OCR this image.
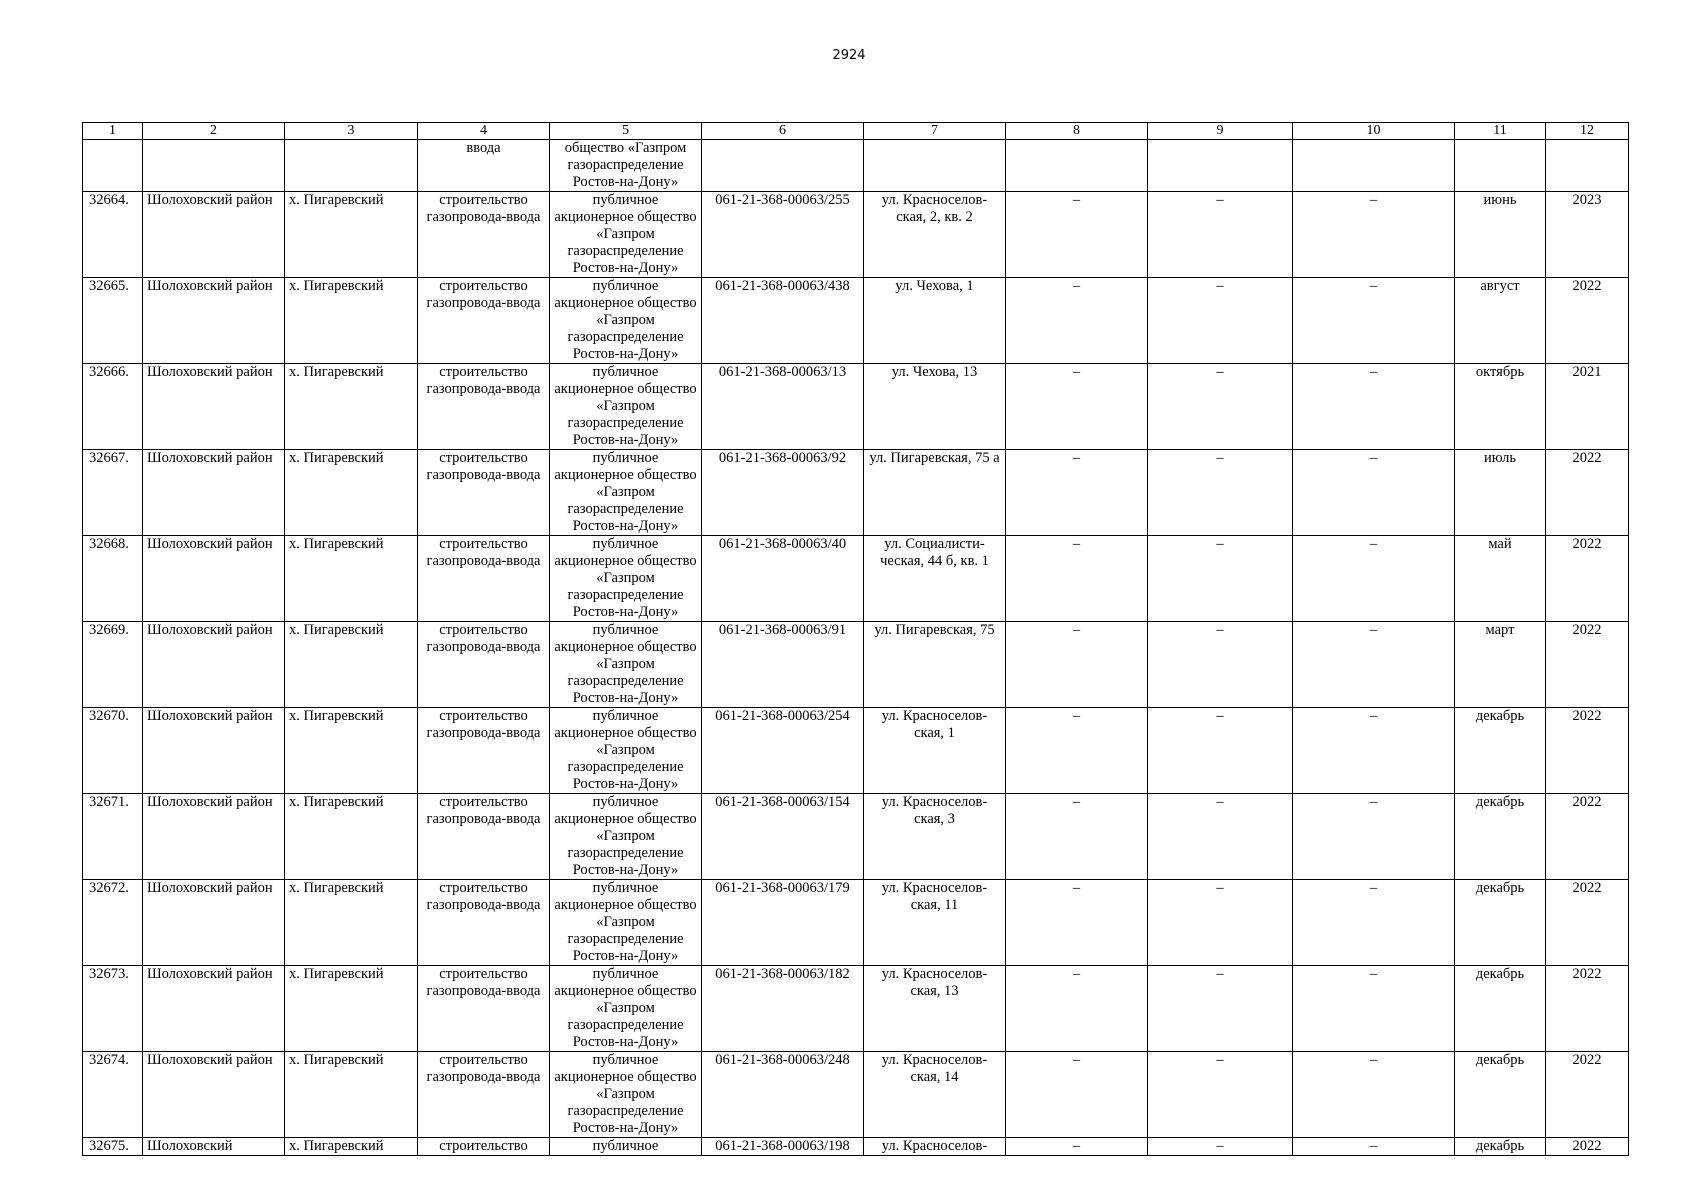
2924
1	2	3	4	5	6	7	8	9	10	11	12
			ввода	общество «Газпром газораспределение Ростов-на-Дону»							
32664.	Шолоховский район	х. Пигаревский	строительство газопровода-ввода	публичное акционерное общество «Газпром газораспределение Ростов-на-Дону»	061-21-368-00063/255	ул. Красноселов-ская, 2, кв. 2	–	–	–	июнь	2023
32665.	Шолоховский район	х. Пигаревский	строительство газопровода-ввода	публичное акционерное общество «Газпром газораспределение Ростов-на-Дону»	061-21-368-00063/438	ул. Чехова, 1	–	–	–	август	2022
32666.	Шолоховский район	х. Пигаревский	строительство газопровода-ввода	публичное акционерное общество «Газпром газораспределение Ростов-на-Дону»	061-21-368-00063/13	ул. Чехова, 13	–	–	–	октябрь	2021
32667.	Шолоховский район	х. Пигаревский	строительство газопровода-ввода	публичное акционерное общество «Газпром газораспределение Ростов-на-Дону»	061-21-368-00063/92	ул. Пигаревская, 75 а	–	–	–	июль	2022
32668.	Шолоховский район	х. Пигаревский	строительство газопровода-ввода	публичное акционерное общество «Газпром газораспределение Ростов-на-Дону»	061-21-368-00063/40	ул. Социалисти-ческая, 44 б, кв. 1	–	–	–	май	2022
32669.	Шолоховский район	х. Пигаревский	строительство газопровода-ввода	публичное акционерное общество «Газпром газораспределение Ростов-на-Дону»	061-21-368-00063/91	ул. Пигаревская, 75	–	–	–	март	2022
32670.	Шолоховский район	х. Пигаревский	строительство газопровода-ввода	публичное акционерное общество «Газпром газораспределение Ростов-на-Дону»	061-21-368-00063/254	ул. Красноселов-ская, 1	–	–	–	декабрь	2022
32671.	Шолоховский район	х. Пигаревский	строительство газопровода-ввода	публичное акционерное общество «Газпром газораспределение Ростов-на-Дону»	061-21-368-00063/154	ул. Красноселов-ская, 3	–	–	–	декабрь	2022
32672.	Шолоховский район	х. Пигаревский	строительство газопровода-ввода	публичное акционерное общество «Газпром газораспределение Ростов-на-Дону»	061-21-368-00063/179	ул. Красноселов-ская, 11	–	–	–	декабрь	2022
32673.	Шолоховский район	х. Пигаревский	строительство газопровода-ввода	публичное акционерное общество «Газпром газораспределение Ростов-на-Дону»	061-21-368-00063/182	ул. Красноселов-ская, 13	–	–	–	декабрь	2022
32674.	Шолоховский район	х. Пигаревский	строительство газопровода-ввода	публичное акционерное общество «Газпром газораспределение Ростов-на-Дону»	061-21-368-00063/248	ул. Красноселов-ская, 14	–	–	–	декабрь	2022
32675.	Шолоховский	х. Пигаревский	строительство	публичное	061-21-368-00063/198	ул. Красноселов-	–	–	–	декабрь	2022
